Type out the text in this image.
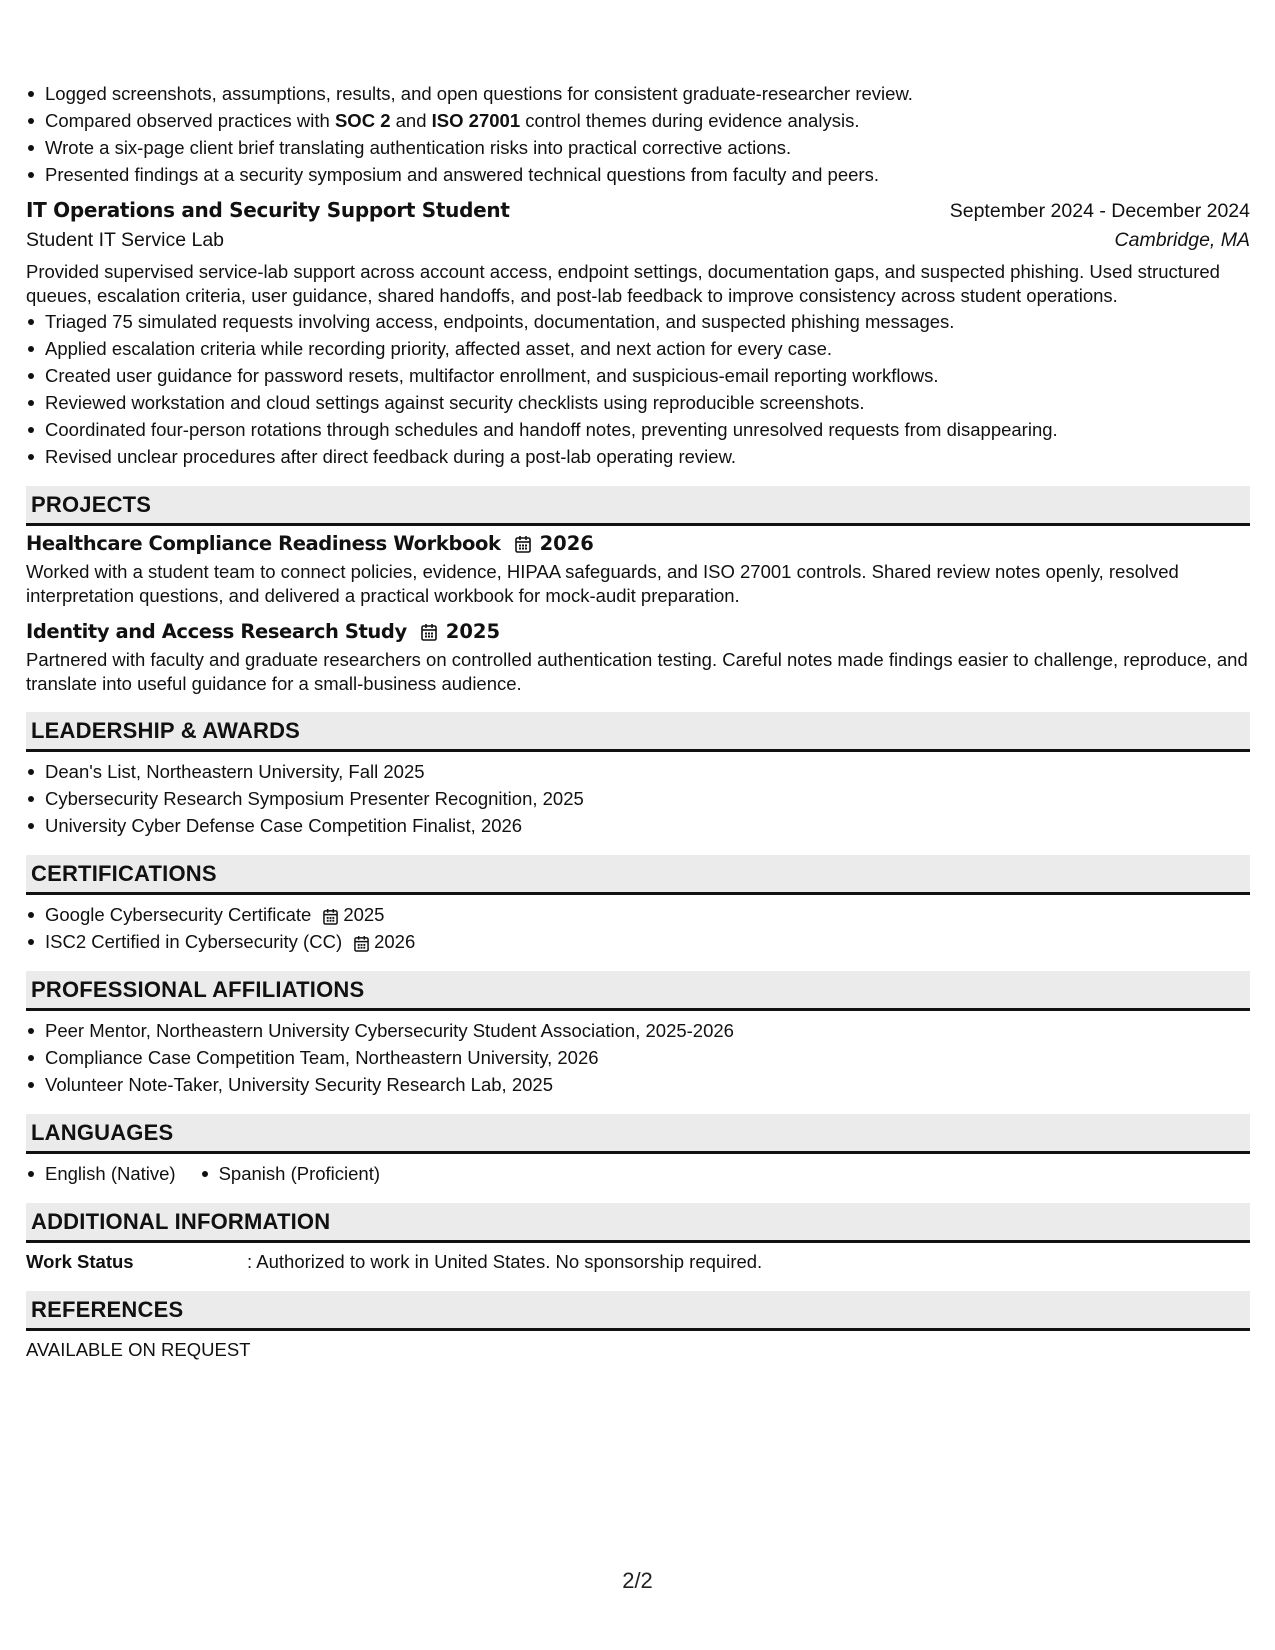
Logged screenshots, assumptions, results, and open questions for consistent graduate-researcher review.
Compared observed practices with SOC 2 and ISO 27001 control themes during evidence analysis.
Wrote a six-page client brief translating authentication risks into practical corrective actions.
Presented findings at a security symposium and answered technical questions from faculty and peers.
IT Operations and Security Support Student	September 2024 - December 2024
Student IT Service Lab	Cambridge, MA

Provided supervised service-lab support across account access, endpoint settings, documentation gaps, and suspected phishing. Used structured queues, escalation criteria, user guidance, shared handoffs, and post-lab feedback to improve consistency across student operations.

Triaged 75 simulated requests involving access, endpoints, documentation, and suspected phishing messages.
Applied escalation criteria while recording priority, affected asset, and next action for every case.
Created user guidance for password resets, multifactor enrollment, and suspicious-email reporting workflows.
Reviewed workstation and cloud settings against security checklists using reproducible screenshots.
Coordinated four-person rotations through schedules and handoff notes, preventing unresolved requests from disappearing.
Revised unclear procedures after direct feedback during a post-lab operating review.
PROJECTS
Healthcare Compliance Readiness Workbook 2026

Worked with a student team to connect policies, evidence, HIPAA safeguards, and ISO 27001 controls. Shared review notes openly, resolved interpretation questions, and delivered a practical workbook for mock-audit preparation.

Identity and Access Research Study 2025

Partnered with faculty and graduate researchers on controlled authentication testing. Careful notes made findings easier to challenge, reproduce, and translate into useful guidance for a small-business audience.

LEADERSHIP & AWARDS
Dean's List, Northeastern University, Fall 2025
Cybersecurity Research Symposium Presenter Recognition, 2025
University Cyber Defense Case Competition Finalist, 2026
CERTIFICATIONS
Google Cybersecurity Certificate 2025
ISC2 Certified in Cybersecurity (CC) 2026
PROFESSIONAL AFFILIATIONS
Peer Mentor, Northeastern University Cybersecurity Student Association, 2025-2026
Compliance Case Competition Team, Northeastern University, 2026
Volunteer Note-Taker, University Security Research Lab, 2025
LANGUAGES
English (Native)	Spanish (Proficient)
ADDITIONAL INFORMATION
Work Status	: Authorized to work in United States. No sponsorship required.
REFERENCES

AVAILABLE ON REQUEST

2/2
